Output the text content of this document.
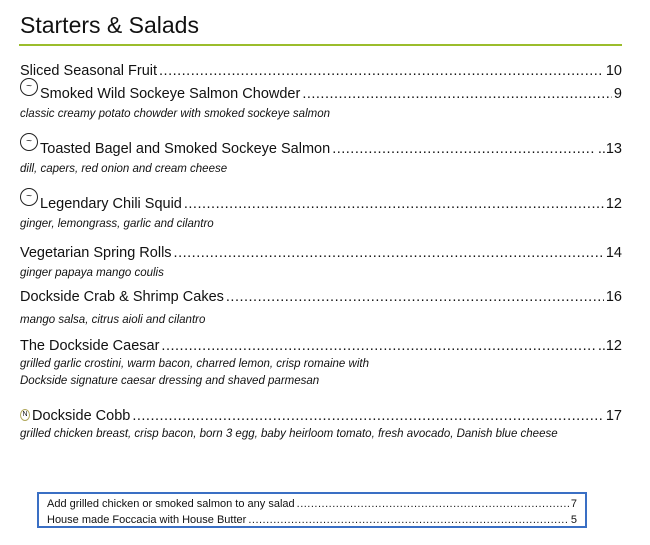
Starters & Salads
Sliced Seasonal Fruit .....	10
~ Smoked Wild Sockeye Salmon Chowder .....	9
classic creamy potato chowder with smoked sockeye salmon
~ Toasted Bagel and Smoked Sockeye Salmon .....	..13
dill, capers, red onion and cream cheese
~ Legendary Chili Squid .....	12
ginger, lemongrass, garlic and cilantro
Vegetarian Spring Rolls .....	14
ginger papaya mango coulis
Dockside Crab & Shrimp Cakes .....	16
mango salsa, citrus aioli and cilantro
The Dockside Caesar .....	..12
grilled garlic crostini, warm bacon, charred lemon, crisp romaine with
Dockside signature caesar dressing and shaved parmesan
N Dockside Cobb .....	17
grilled chicken breast, crisp bacon, born 3 egg, baby heirloom tomato, fresh avocado, Danish blue cheese
Add grilled chicken or smoked salmon to any salad .....	7
House made Foccacia with House Butter .....	5
